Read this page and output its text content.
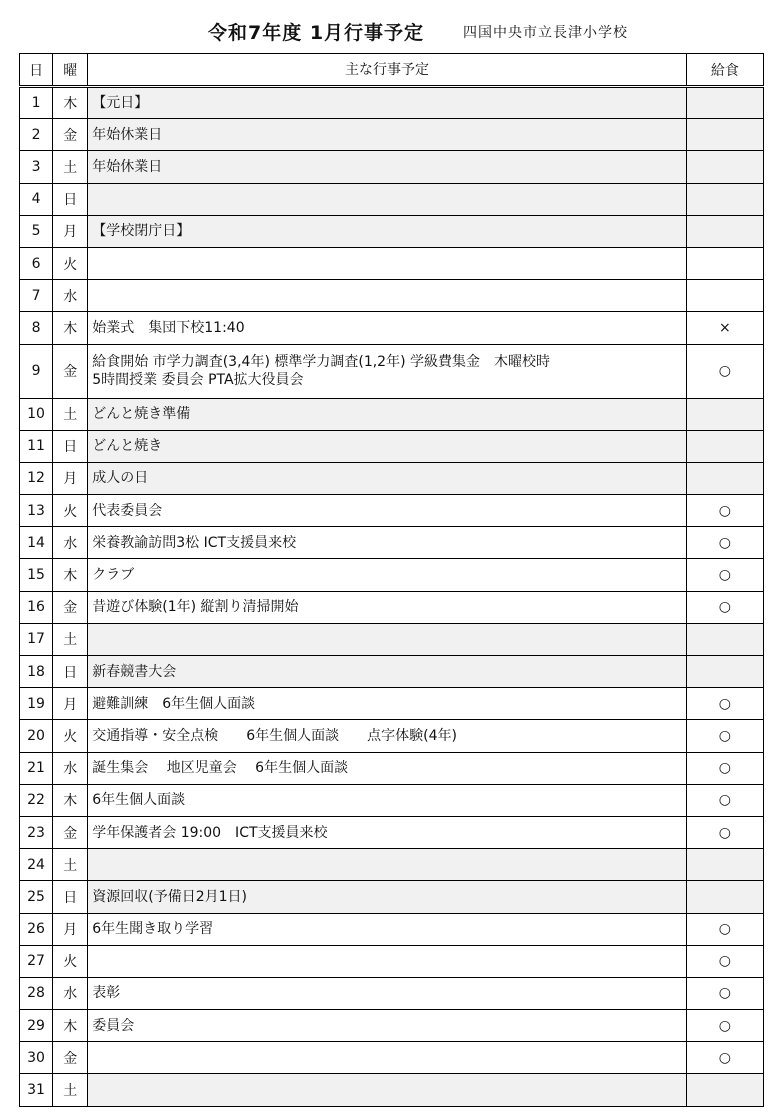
令和7年度 1月行事予定	四国中央市立長津小学校
日	曜	主な行事予定	給食
1	木	【元日】	
2	金	年始休業日	
3	土	年始休業日	
4	日		
5	月	【学校閉庁日】	
6	火		
7	水		
8	木	始業式　集団下校11:40	×
9	金	給食開始 市学力調査(3,4年) 標準学力調査(1,2年) 学級費集金　木曜校時
5時間授業 委員会 PTA拡大役員会	○
10	土	どんと焼き準備	
11	日	どんと焼き	
12	月	成人の日	
13	火	代表委員会	○
14	水	栄養教諭訪問3松 ICT支援員来校	○
15	木	クラブ	○
16	金	昔遊び体験(1年) 縦割り清掃開始	○
17	土		
18	日	新春競書大会	
19	月	避難訓練　6年生個人面談	○
20	火	交通指導・安全点検　　6年生個人面談　　点字体験(4年)	○
21	水	誕生集会　 地区児童会　 6年生個人面談	○
22	木	6年生個人面談	○
23	金	学年保護者会 19:00　ICT支援員来校	○
24	土		
25	日	資源回収(予備日2月1日)	
26	月	6年生聞き取り学習	○
27	火		○
28	水	表彰	○
29	木	委員会	○
30	金		○
31	土		
